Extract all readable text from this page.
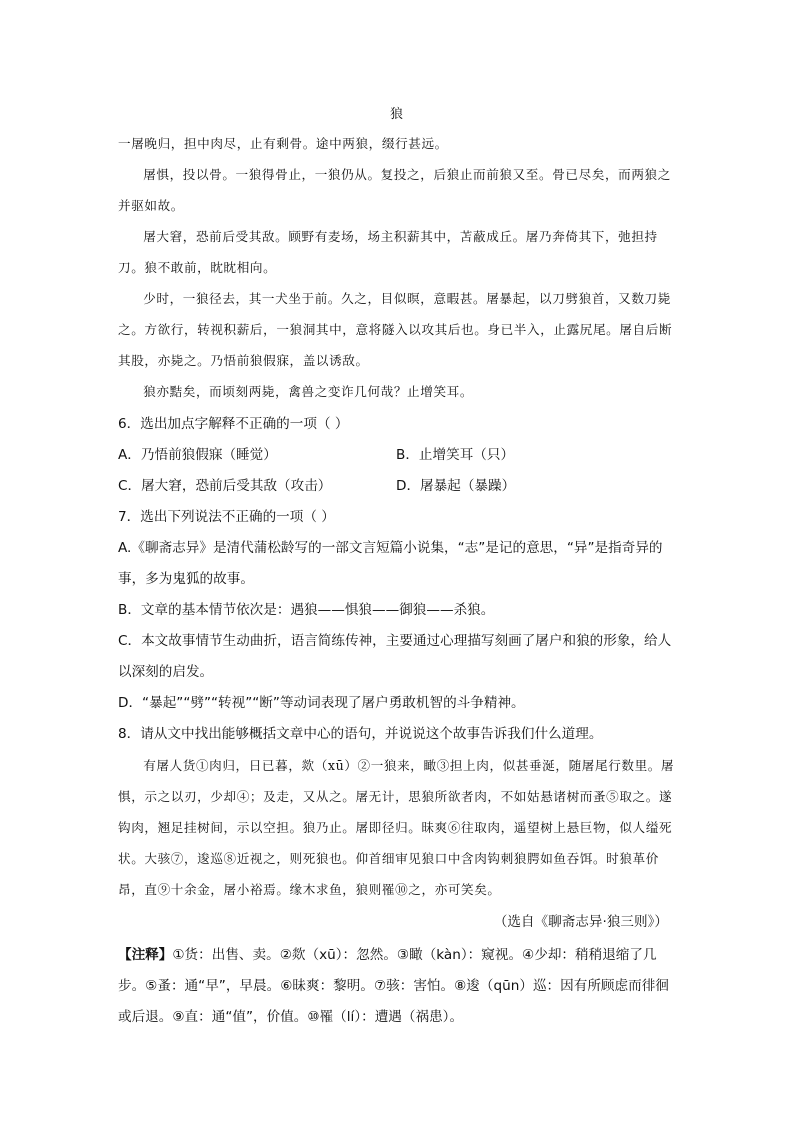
狼
一屠晚归，担中肉尽，止有剩骨。途中两狼，缀行甚远。
屠惧，投以骨。一狼得骨止，一狼仍从。复投之，后狼止而前狼又至。骨已尽矣，而两狼之并驱如故。
屠大窘，恐前后受其敌。顾野有麦场，场主积薪其中，苫蔽成丘。屠乃奔倚其下，弛担持刀。狼不敢前，眈眈相向。
少时，一狼径去，其一犬坐于前。久之，目似暝，意暇甚。屠暴起，以刀劈狼首，又数刀毙之。方欲行，转视积薪后，一狼洞其中，意将隧入以攻其后也。身已半入，止露尻尾。屠自后断其股，亦毙之。乃悟前狼假寐，盖以诱敌。
狼亦黠矣，而顷刻两毙，禽兽之变诈几何哉？止增笑耳。
6．选出加点字解释不正确的一项（ ）
A．乃悟前狼假寐（睡觉）	B．止增笑耳（只）
C．屠大窘，恐前后受其敌（攻击）	D．屠暴起（暴躁）
7．选出下列说法不正确的一项（ ）
A.《聊斋志异》是清代蒲松龄写的一部文言短篇小说集，“志”是记的意思，“异”是指奇异的事，多为鬼狐的故事。
B．文章的基本情节依次是：遇狼——惧狼——御狼——杀狼。
C．本文故事情节生动曲折，语言简练传神，主要通过心理描写刻画了屠户和狼的形象，给人以深刻的启发。
D．“暴起”“劈”“转视”“断”等动词表现了屠户勇敢机智的斗争精神。
8．请从文中找出能够概括文章中心的语句，并说说这个故事告诉我们什么道理。
有屠人货①肉归，日已暮，欻（xū）②一狼来，瞰③担上肉，似甚垂涎，随屠尾行数里。屠惧，示之以刃，少却④；及走，又从之。屠无计，思狼所欲者肉，不如姑悬诸树而蚤⑤取之。遂钩肉，翘足挂树间，示以空担。狼乃止。屠即径归。昧爽⑥往取肉，遥望树上悬巨物，似人缢死状。大骇⑦，逡巡⑧近视之，则死狼也。仰首细审见狼口中含肉钩刺狼腭如鱼吞饵。时狼革价昂，直⑨十余金，屠小裕焉。缘木求鱼，狼则罹⑩之，亦可笑矣。
（选自《聊斋志异·狼三则》）
【注释】①货：出售、卖。②欻（xū）：忽然。③瞰（kàn）：窥视。④少却：稍稍退缩了几步。⑤蚤：通“早”，早晨。⑥昧爽：黎明。⑦骇：害怕。⑧逡（qūn）巡：因有所顾虑而徘徊或后退。⑨直：通“值”，价值。⑩罹（lí）：遭遇（祸患）。
